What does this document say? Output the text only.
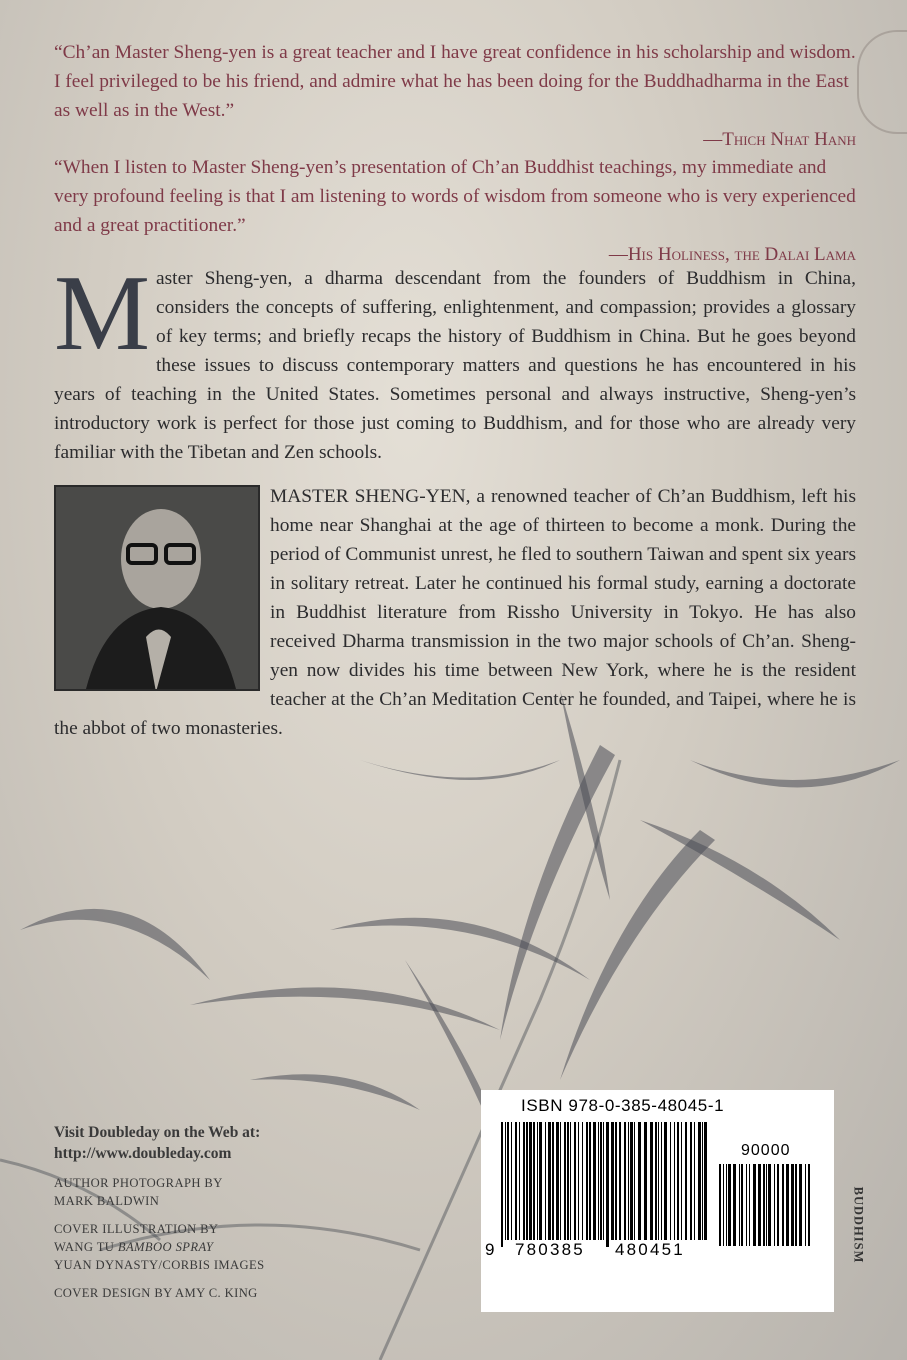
“Ch’an Master Sheng-yen is a great teacher and I have great confidence in his scholarship and wisdom. I feel privileged to be his friend, and admire what he has been doing for the Buddhadharma in the East as well as in the West.”

—Thich Nhat Hanh

“When I listen to Master Sheng-yen’s presentation of Ch’an Buddhist teachings, my immediate and very profound feeling is that I am listening to words of wisdom from someone who is very experienced and a great practitioner.”

—His Holiness, the Dalai Lama
M aster Sheng-yen, a dharma descendant from the founders of Buddhism in China, considers the concepts of suffering, enlightenment, and compassion; provides a glossary of key terms; and briefly recaps the history of Buddhism in China. But he goes beyond these issues to discuss contemporary matters and questions he has encountered in his years of teaching in the United States. Sometimes personal and always instructive, Sheng-yen’s introductory work is perfect for those just coming to Buddhism, and for those who are already very familiar with the Tibetan and Zen schools.

MASTER SHENG-YEN, a renowned teacher of Ch’an Buddhism, left his home near Shanghai at the age of thirteen to become a monk. During the period of Communist unrest, he fled to southern Taiwan and spent six years in solitary retreat. Later he continued his formal study, earning a doctorate in Buddhist literature from Rissho University in Tokyo. He has also received Dharma transmission in the two major schools of Ch’an. Sheng-yen now divides his time between New York, where he is the resident teacher at the Ch’an Meditation Center he founded, and Taipei, where he is the abbot of two monasteries.

Visit Doubleday on the Web at:
http://www.doubleday.com
AUTHOR PHOTOGRAPH BY
MARK BALDWIN
COVER ILLUSTRATION BY
WANG TU BAMBOO SPRAY
YUAN DYNASTY/CORBIS IMAGES
COVER DESIGN BY AMY C. KING
ISBN 978-0-385-48045-1
90000
9 780385 480451	BUDDHISM
